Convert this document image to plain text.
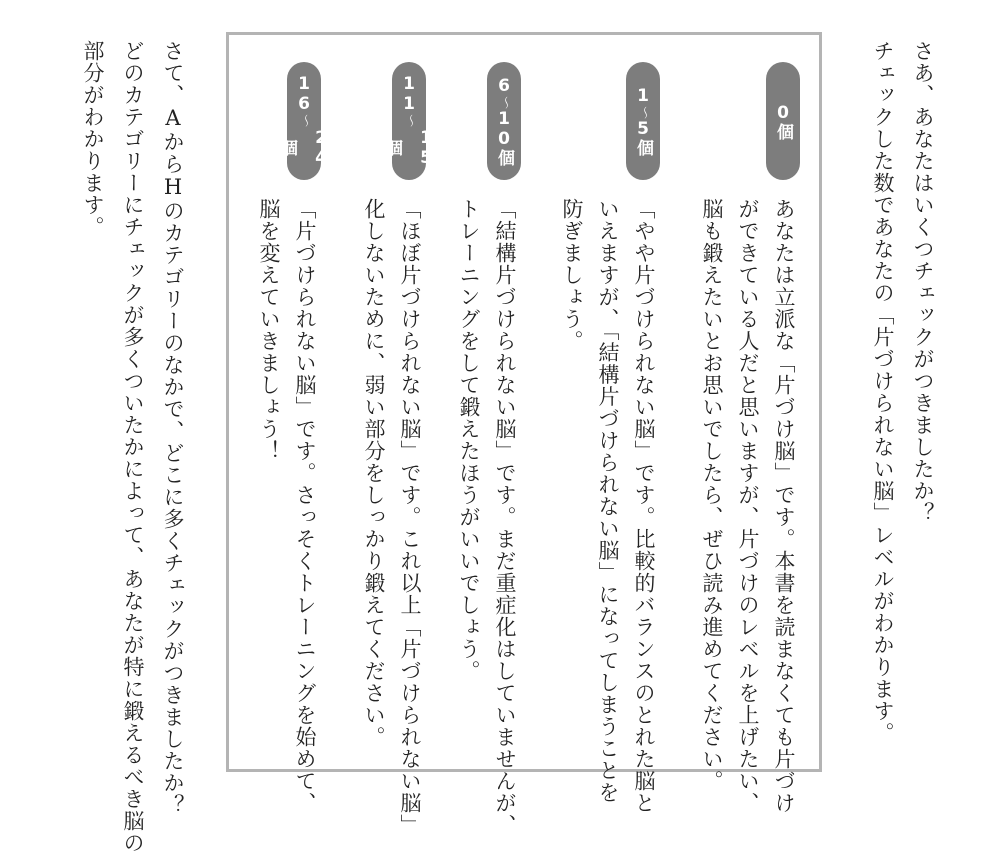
さあ、あなたはいくつチェックがつきましたか？
チェックした数であなたの「片づけられない脳」レベルがわかります。
0個
あなたは立派な「片づけ脳」です。本書を読まなくても片づけ
ができている人だと思いますが、片づけのレベルを上げたい、
脳も鍛えたいとお思いでしたら、ぜひ読み進めてください。
1
～
5個
「やや片づけられない脳」です。比較的バランスのとれた脳と
いえますが、「結構片づけられない脳」になってしまうことを
防ぎましょう。
6
～
10個
「結構片づけられない脳」です。まだ重症化はしていませんが、
トレーニングをして鍛えたほうがいいでしょう。
11
～
15個
「ほぼ片づけられない脳」です。これ以上「片づけられない脳」
化しないために、弱い部分をしっかり鍛えてください。
16
～
24個
「片づけられない脳」です。さっそくトレーニングを始めて、
脳を変えていきましょう！
さて、AからHのカテゴリーのなかで、どこに多くチェックがつきましたか？
どのカテゴリーにチェックが多くついたかによって、あなたが特に鍛えるべき脳の
部分がわかります。
